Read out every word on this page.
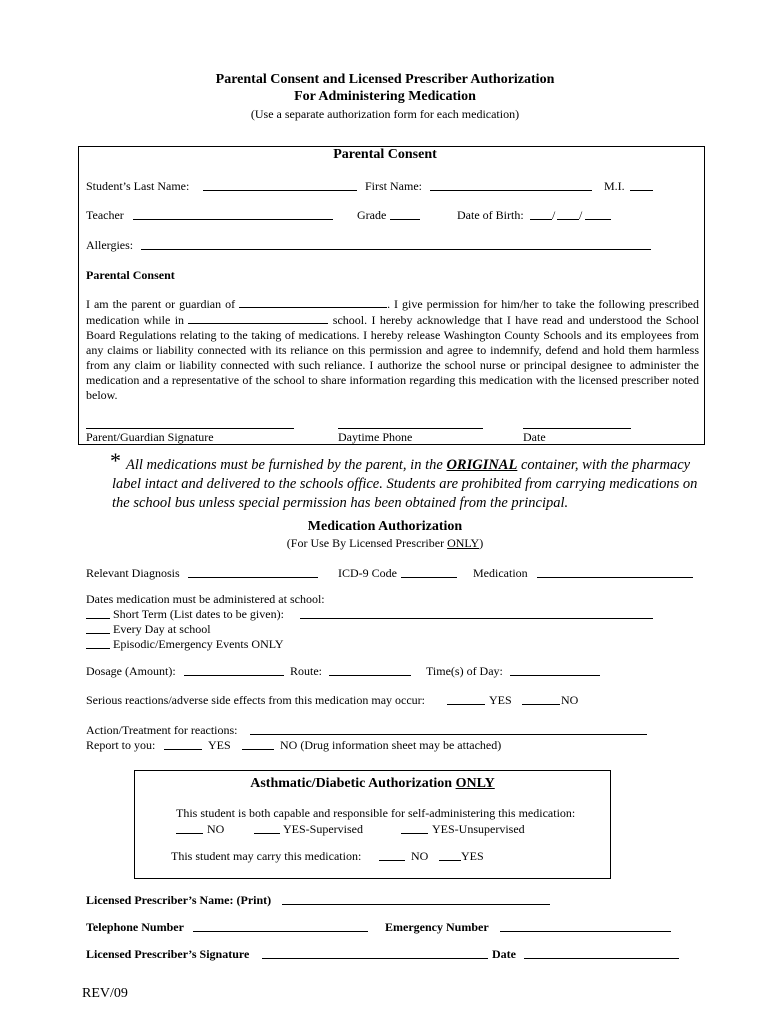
Parental Consent and Licensed Prescriber Authorization
For Administering Medication
(Use a separate authorization form for each medication)
Parental Consent
Student’s Last Name:	First Name:	M.I.
Teacher	Grade	Date of Birth: / /
Allergies:
Parental Consent
I am the parent or guardian of	. I give permission for him/her to take the following prescribed medication while in	school. I hereby acknowledge that I have read and understood the School Board Regulations relating to the taking of medications. I hereby release Washington County Schools and its employees from any claims or liability connected with its reliance on this permission and agree to indemnify, defend and hold them harmless from any claim or liability connected with such reliance. I authorize the school nurse or principal designee to administer the medication and a representative of the school to share information regarding this medication with the licensed prescriber noted below.
Parent/Guardian Signature	Daytime Phone	Date
* All medications must be furnished by the parent, in the ORIGINAL container, with the pharmacy label intact and delivered to the schools office. Students are prohibited from carrying medications on the school bus unless special permission has been obtained from the principal.
Medication Authorization
(For Use By Licensed Prescriber ONLY)
Relevant Diagnosis	ICD-9 Code	Medication
Dates medication must be administered at school:
Short Term (List dates to be given):
Every Day at school
Episodic/Emergency Events ONLY
Dosage (Amount):	Route:	Time(s) of Day:
Serious reactions/adverse side effects from this medication may occur:	YES	NO
Action/Treatment for reactions:
Report to you:	YES	NO (Drug information sheet may be attached)
Asthmatic/Diabetic Authorization ONLY
This student is both capable and responsible for self-administering this medication:
NO	YES-Supervised	YES-Unsupervised
This student may carry this medication:	NO	YES
Licensed Prescriber’s Name: (Print)
Telephone Number	Emergency Number
Licensed Prescriber’s Signature	Date
REV/09
